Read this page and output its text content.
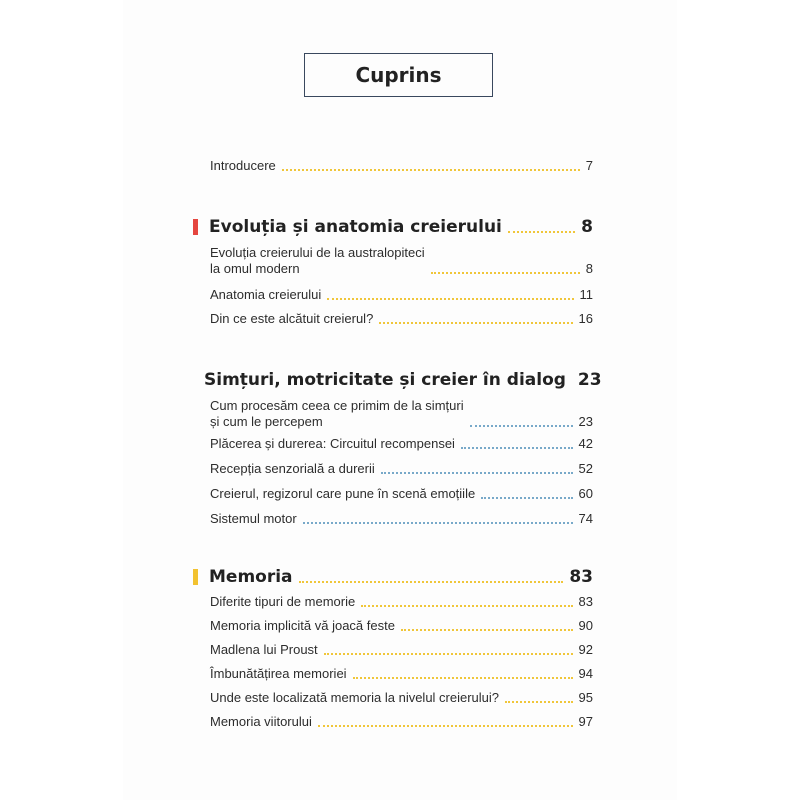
Cuprins
Introducere	7
Evoluția și anatomia creierului	8
Evoluția creierului de la australopiteci
la omul modern	8
Anatomia creierului	11
Din ce este alcătuit creierul?	16
Simțuri, motricitate și creier în dialog 23
Cum procesăm ceea ce primim de la simțuri
și cum le percepem	23
Plăcerea și durerea: Circuitul recompensei	42
Recepția senzorială a durerii	52
Creierul, regizorul care pune în scenă emoțiile	60
Sistemul motor	74
Memoria	83
Diferite tipuri de memorie	83
Memoria implicită vă joacă feste	90
Madlena lui Proust	92
Îmbunătățirea memoriei	94
Unde este localizată memoria la nivelul creierului?	95
Memoria viitorului	97
